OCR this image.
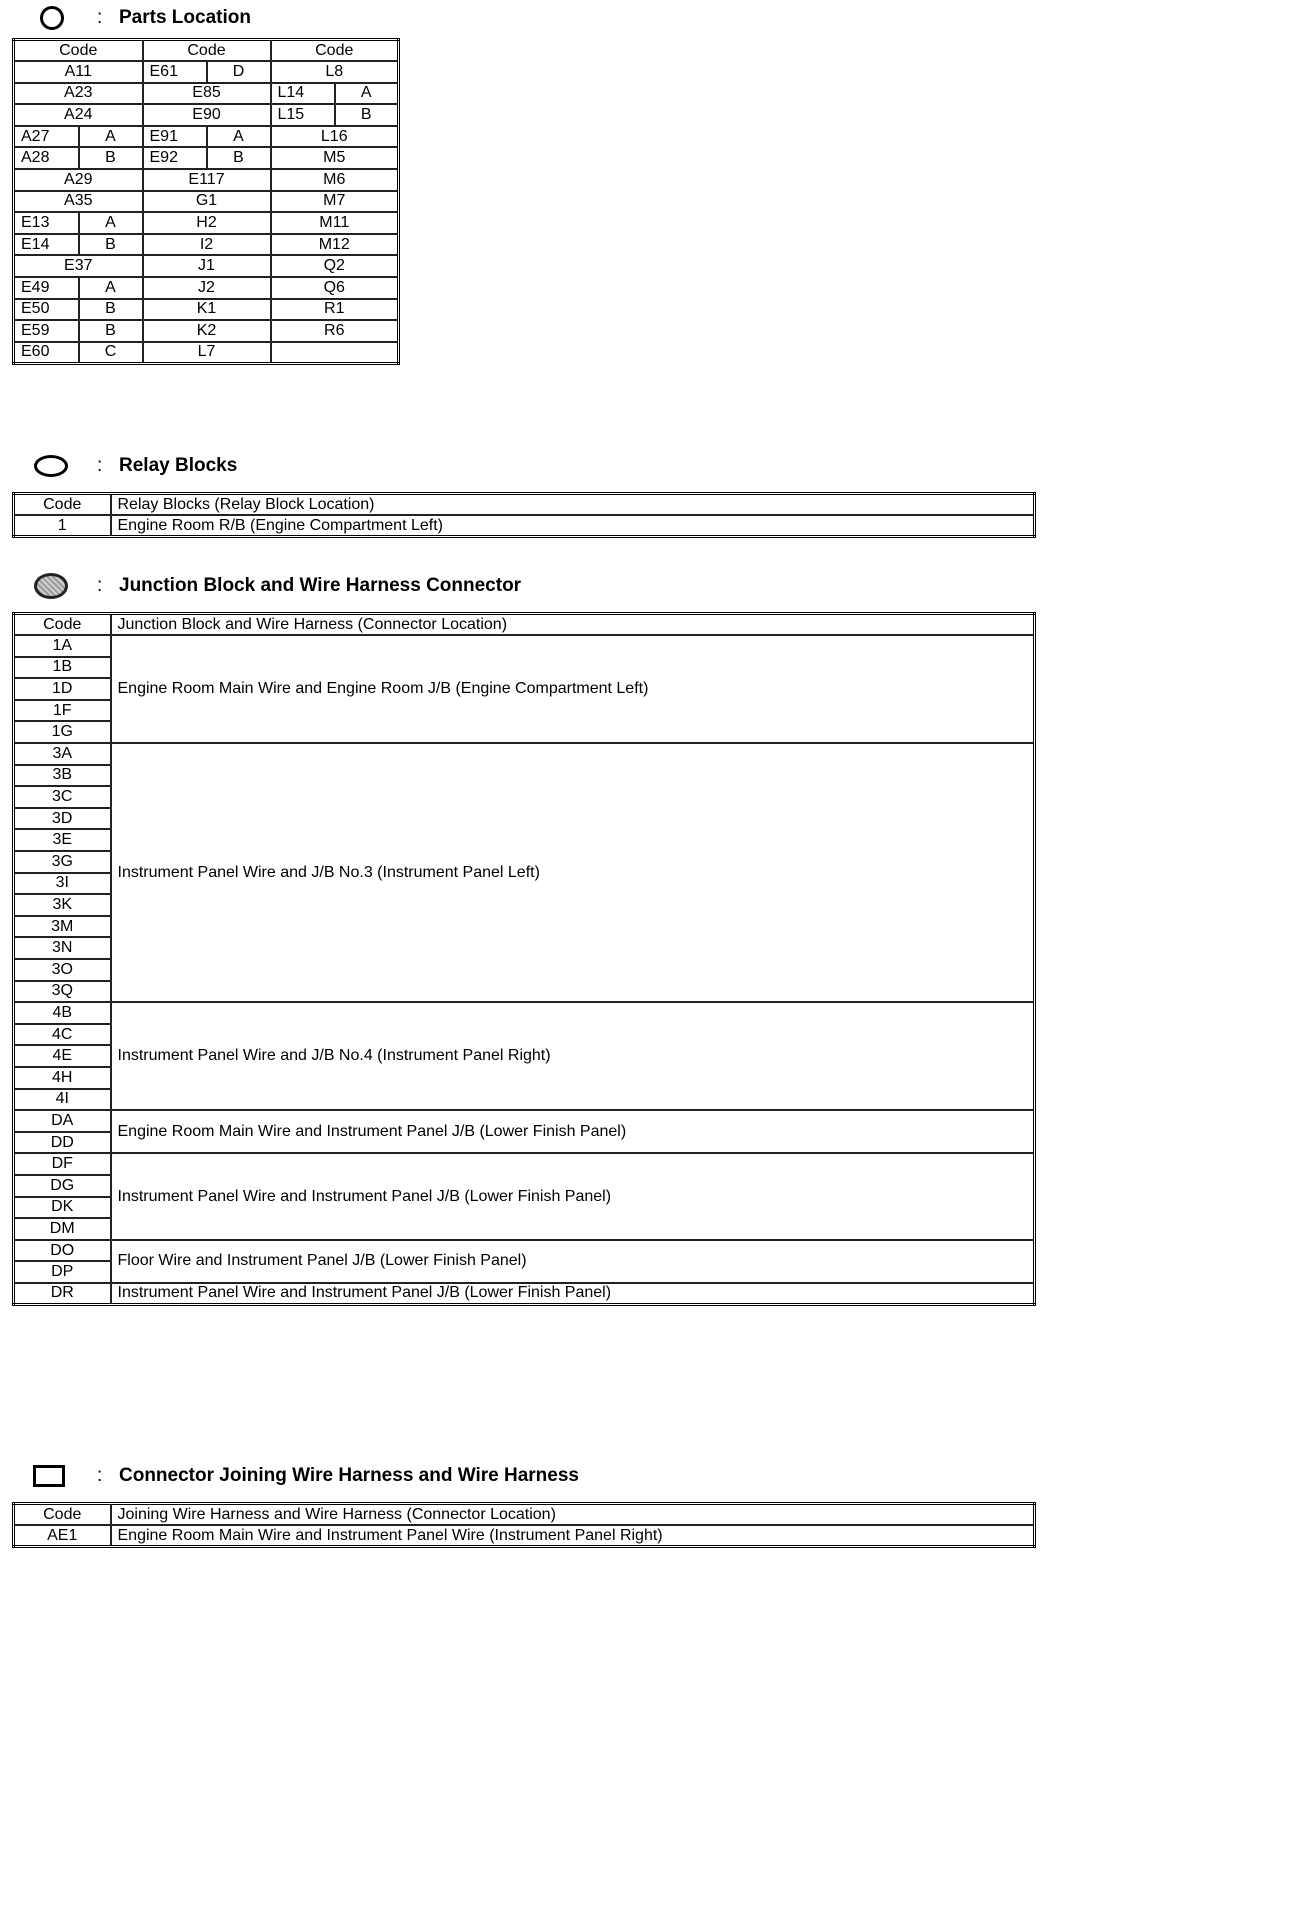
: Parts Location
Code		Code		Code	
A11		E61	D	L8	
A23		E85		L14	A
A24		E90		L15	B
A27	A	E91	A	L16	
A28	B	E92	B	M5	
A29		E117		M6	
A35		G1		M7	
E13	A	H2		M11	
E14	B	I2		M12	
E37		J1		Q2	
E49	A	J2		Q6	
E50	B	K1		R1	
E59	B	K2		R6	
E60	C	L7			
: Relay Blocks
Code	Relay Blocks (Relay Block Location)
1	Engine Room R/B (Engine Compartment Left)
: Junction Block and Wire Harness Connector
Code	Junction Block and Wire Harness (Connector Location)
1A	Engine Room Main Wire and Engine Room J/B (Engine Compartment Left)
1B	
1D	
1F	
1G	
3A	Instrument Panel Wire and J/B No.3 (Instrument Panel Left)
3B	
3C	
3D	
3E	
3G	
3I	
3K	
3M	
3N	
3O	
3Q	
4B	Instrument Panel Wire and J/B No.4 (Instrument Panel Right)
4C	
4E	
4H	
4I	
DA	Engine Room Main Wire and Instrument Panel J/B (Lower Finish Panel)
DD	
DF	Instrument Panel Wire and Instrument Panel J/B (Lower Finish Panel)
DG	
DK	
DM	
DO	Floor Wire and Instrument Panel J/B (Lower Finish Panel)
DP	
DR	Instrument Panel Wire and Instrument Panel J/B (Lower Finish Panel)
: Connector Joining Wire Harness and Wire Harness
Code	Joining Wire Harness and Wire Harness (Connector Location)
AE1	Engine Room Main Wire and Instrument Panel Wire (Instrument Panel Right)
